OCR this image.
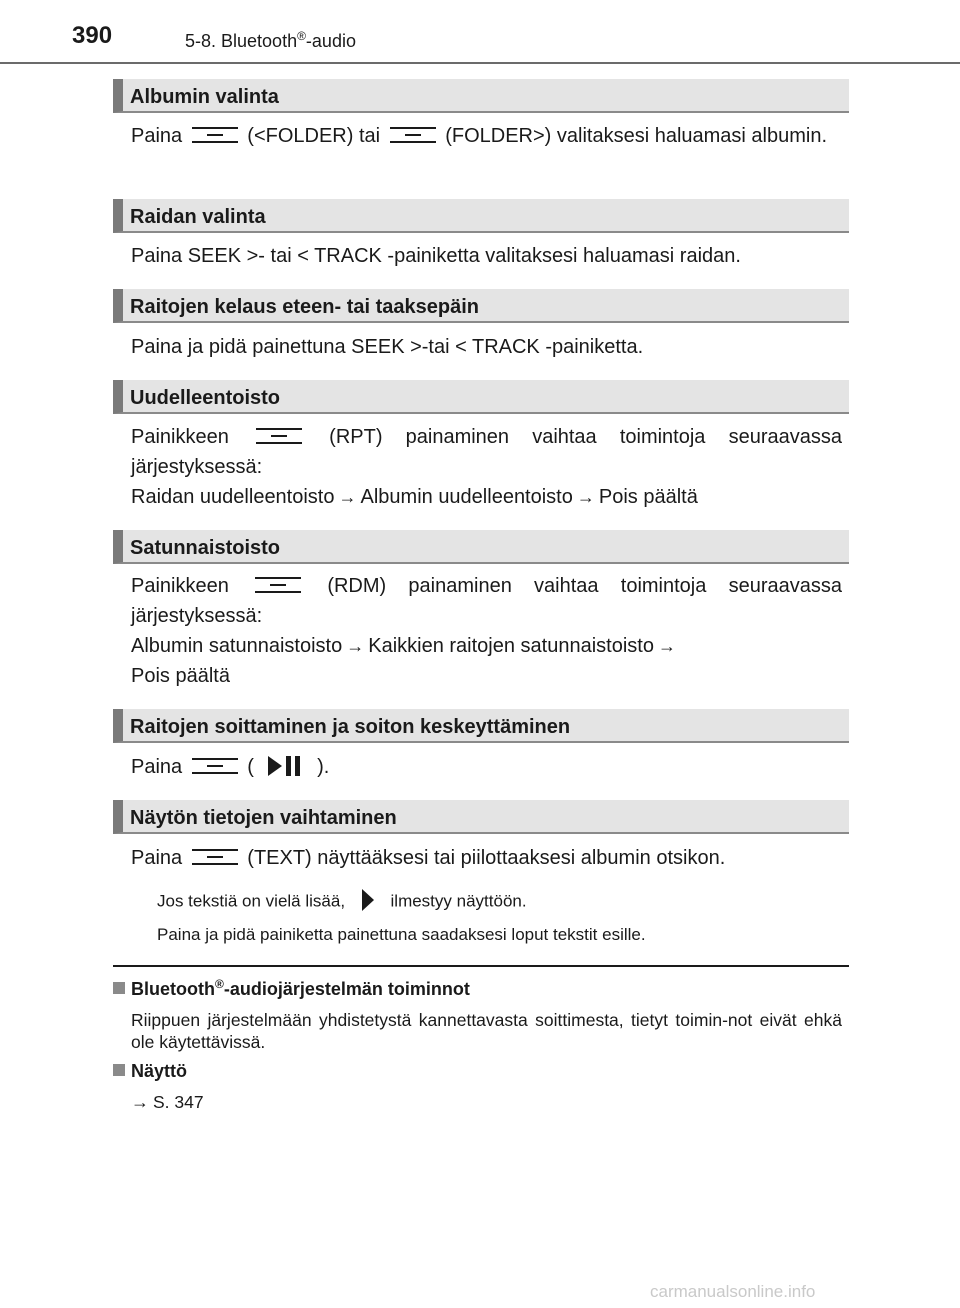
390	5-8. Bluetooth®-audio
Albumin valinta
Paina	(<FOLDER) tai	(FOLDER>) valitaksesi haluamasi albumin.
Raidan valinta
Paina SEEK >- tai < TRACK -painiketta valitaksesi haluamasi raidan.
Raitojen kelaus eteen- tai taaksepäin
Paina ja pidä painettuna SEEK >-tai < TRACK -painiketta.
Uudelleentoisto
Painikkeen	(RPT) painaminen vaihtaa toimintoja seuraavassa järjestyksessä:
Raidan uudelleentoisto → Albumin uudelleentoisto → Pois päältä
Satunnaistoisto
Painikkeen	(RDM) painaminen vaihtaa toimintoja seuraavassa järjestyksessä:
Albumin satunnaistoisto → Kaikkien raitojen satunnaistoisto →
Pois päältä
Raitojen soittaminen ja soiton keskeyttäminen
Paina	(	).
Näytön tietojen vaihtaminen
Paina	(TEXT) näyttääksesi tai piilottaaksesi albumin otsikon.
Jos tekstiä on vielä lisää,	ilmestyy näyttöön.
Paina ja pidä painiketta painettuna saadaksesi loput tekstit esille.
Bluetooth®-audiojärjestelmän toiminnot
Riippuen järjestelmään yhdistetystä kannettavasta soittimesta, tietyt toimin-not eivät ehkä ole käytettävissä.
Näyttö
→ S. 347
carmanualsonline.info
